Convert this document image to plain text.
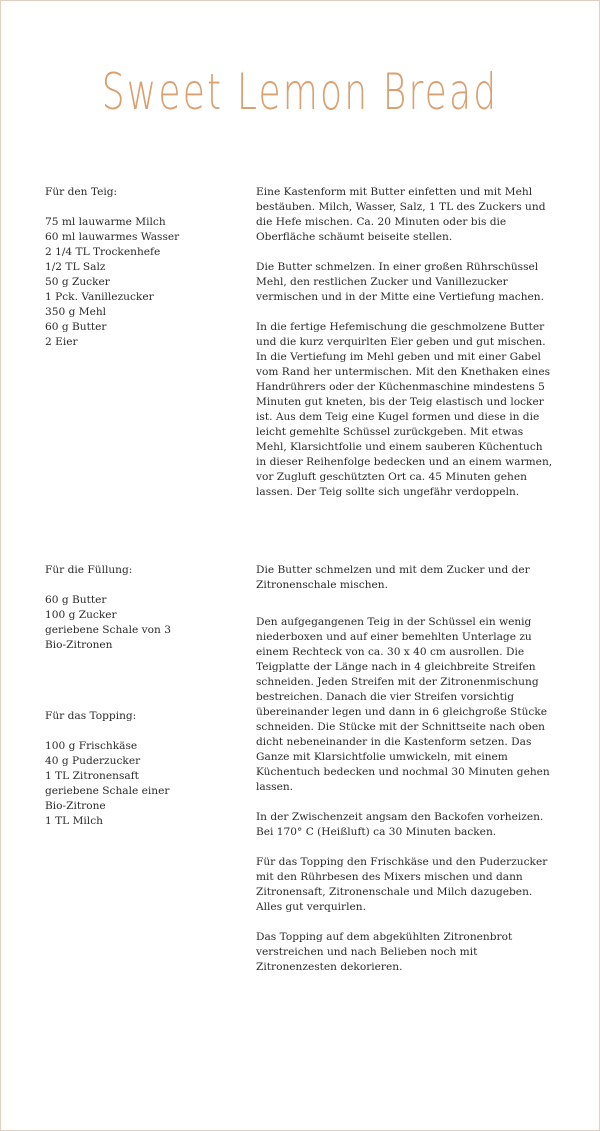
Sweet Lemon Bread

Für den Teig:

75 ml lauwarme Milch
60 ml lauwarmes Wasser
2 1/4 TL Trockenhefe
1/2 TL Salz
50 g Zucker
1 Pck. Vanillezucker
350 g Mehl
60 g Butter
2 Eier

Für die Füllung:

60 g Butter
100 g Zucker
geriebene Schale von 3
Bio-Zitronen

Für das Topping:

100 g Frischkäse
40 g Puderzucker
1 TL Zitronensaft
geriebene Schale einer
Bio-Zitrone
1 TL Milch

Eine Kastenform mit Butter einfetten und mit Mehl bestäuben. Milch, Wasser, Salz, 1 TL des Zuckers und die Hefe mischen. Ca. 20 Minuten oder bis die Oberfläche schäumt beiseite stellen.

Die Butter schmelzen. In einer großen Rührschüssel Mehl, den restlichen Zucker und Vanillezucker vermischen und in der Mitte eine Vertiefung machen.

In die fertige Hefemischung die geschmolzene Butter und die kurz verquirlten Eier geben und gut mischen. In die Vertiefung im Mehl geben und mit einer Gabel vom Rand her untermischen. Mit den Knethaken eines Handrührers oder der Küchenmaschine mindestens 5 Minuten gut kneten, bis der Teig elastisch und locker ist. Aus dem Teig eine Kugel formen und diese in die leicht gemehlte Schüssel zurückgeben. Mit etwas Mehl, Klarsichtfolie und einem sauberen Küchentuch in dieser Reihenfolge bedecken und an einem warmen, vor Zugluft geschützten Ort ca. 45 Minuten gehen lassen. Der Teig sollte sich ungefähr verdoppeln.

Die Butter schmelzen und mit dem Zucker und der Zitronenschale mischen.

Den aufgegangenen Teig in der Schüssel ein wenig niederboxen und auf einer bemehlten Unterlage zu einem Rechteck von ca. 30 x 40 cm ausrollen. Die Teigplatte der Länge nach in 4 gleichbreite Streifen schneiden. Jeden Streifen mit der Zitronenmischung bestreichen. Danach die vier Streifen vorsichtig übereinander legen und dann in 6 gleichgroße Stücke schneiden. Die Stücke mit der Schnittseite nach oben dicht nebeneinander in die Kastenform setzen. Das Ganze mit Klarsichtfolie umwickeln, mit einem Küchentuch bedecken und nochmal 30 Minuten gehen lassen.

In der Zwischenzeit angsam den Backofen vorheizen. Bei 170° C (Heißluft) ca 30 Minuten backen.

Für das Topping den Frischkäse und den Puderzucker mit den Rührbesen des Mixers mischen und dann Zitronensaft, Zitronenschale und Milch dazugeben. Alles gut verquirlen.

Das Topping auf dem abgekühlten Zitronenbrot verstreichen und nach Belieben noch mit Zitronenzesten dekorieren.
